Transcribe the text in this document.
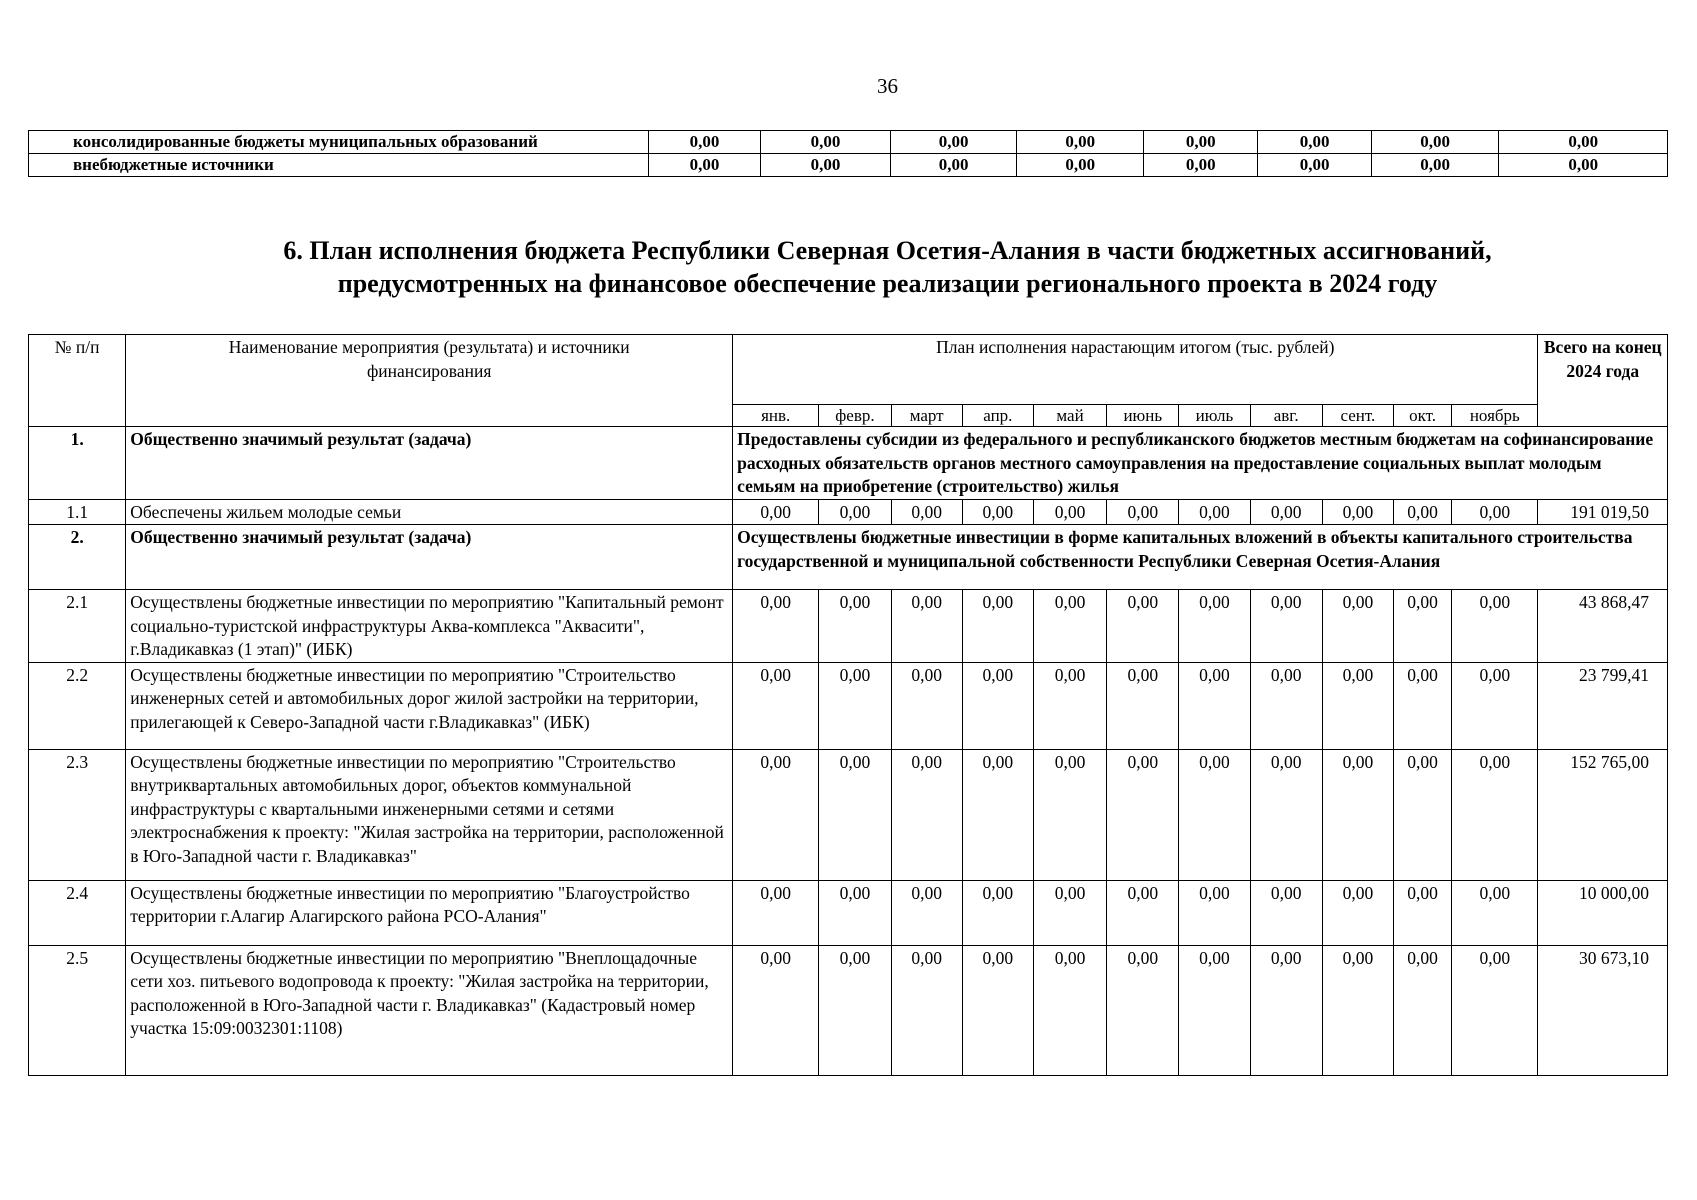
36
консолидированные бюджеты муниципальных образований	0,00	0,00	0,00	0,00	0,00	0,00	0,00	0,00
внебюджетные источники	0,00	0,00	0,00	0,00	0,00	0,00	0,00	0,00
6. План исполнения бюджета Республики Северная Осетия-Алания в части бюджетных ассигнований,
предусмотренных на финансовое обеспечение реализации регионального проекта в 2024 году
№ п/п	Наименование мероприятия (результата) и источники финансирования	План исполнения нарастающим итогом (тыс. рублей)											Всего на конец 2024 года
		янв.	февр.	март	апр.	май	июнь	июль	авг.	сент.	окт.	ноябрь	
1.	Общественно значимый результат (задача)	Предоставлены субсидии из федерального и республиканского бюджетов местным бюджетам на софинансирование расходных обязательств органов местного самоуправления на предоставление социальных выплат молодым семьям на приобретение (строительство) жилья											
1.1	Обеспечены жильем молодые семьи	0,00	0,00	0,00	0,00	0,00	0,00	0,00	0,00	0,00	0,00	0,00	191 019,50
2.	Общественно значимый результат (задача)	Осуществлены бюджетные инвестиции в форме капитальных вложений в объекты капитального строительства государственной и муниципальной собственности Республики Северная Осетия-Алания											
2.1	Осуществлены бюджетные инвестиции по мероприятию "Капитальный ремонт социально-туристской инфраструктуры Аква-комплекса "Аквасити", г.Владикавказ (1 этап)" (ИБК)	0,00	0,00	0,00	0,00	0,00	0,00	0,00	0,00	0,00	0,00	0,00	43 868,47
2.2	Осуществлены бюджетные инвестиции по мероприятию "Строительство инженерных сетей и автомобильных дорог жилой застройки на территории, прилегающей к Северо-Западной части г.Владикавказ" (ИБК)	0,00	0,00	0,00	0,00	0,00	0,00	0,00	0,00	0,00	0,00	0,00	23 799,41
2.3	Осуществлены бюджетные инвестиции по мероприятию "Строительство внутриквартальных автомобильных дорог, объектов коммунальной инфраструктуры с квартальными инженерными сетями и сетями электроснабжения к проекту: "Жилая застройка на территории, расположенной в Юго-Западной части г. Владикавказ"	0,00	0,00	0,00	0,00	0,00	0,00	0,00	0,00	0,00	0,00	0,00	152 765,00
2.4	Осуществлены бюджетные инвестиции по мероприятию "Благоустройство территории г.Алагир Алагирского района РСО-Алания"	0,00	0,00	0,00	0,00	0,00	0,00	0,00	0,00	0,00	0,00	0,00	10 000,00
2.5	Осуществлены бюджетные инвестиции по мероприятию "Внеплощадочные сети хоз. питьевого водопровода к проекту: "Жилая застройка на территории, расположенной в Юго-Западной части г. Владикавказ" (Кадастровый номер участка 15:09:0032301:1108)	0,00	0,00	0,00	0,00	0,00	0,00	0,00	0,00	0,00	0,00	0,00	30 673,10
